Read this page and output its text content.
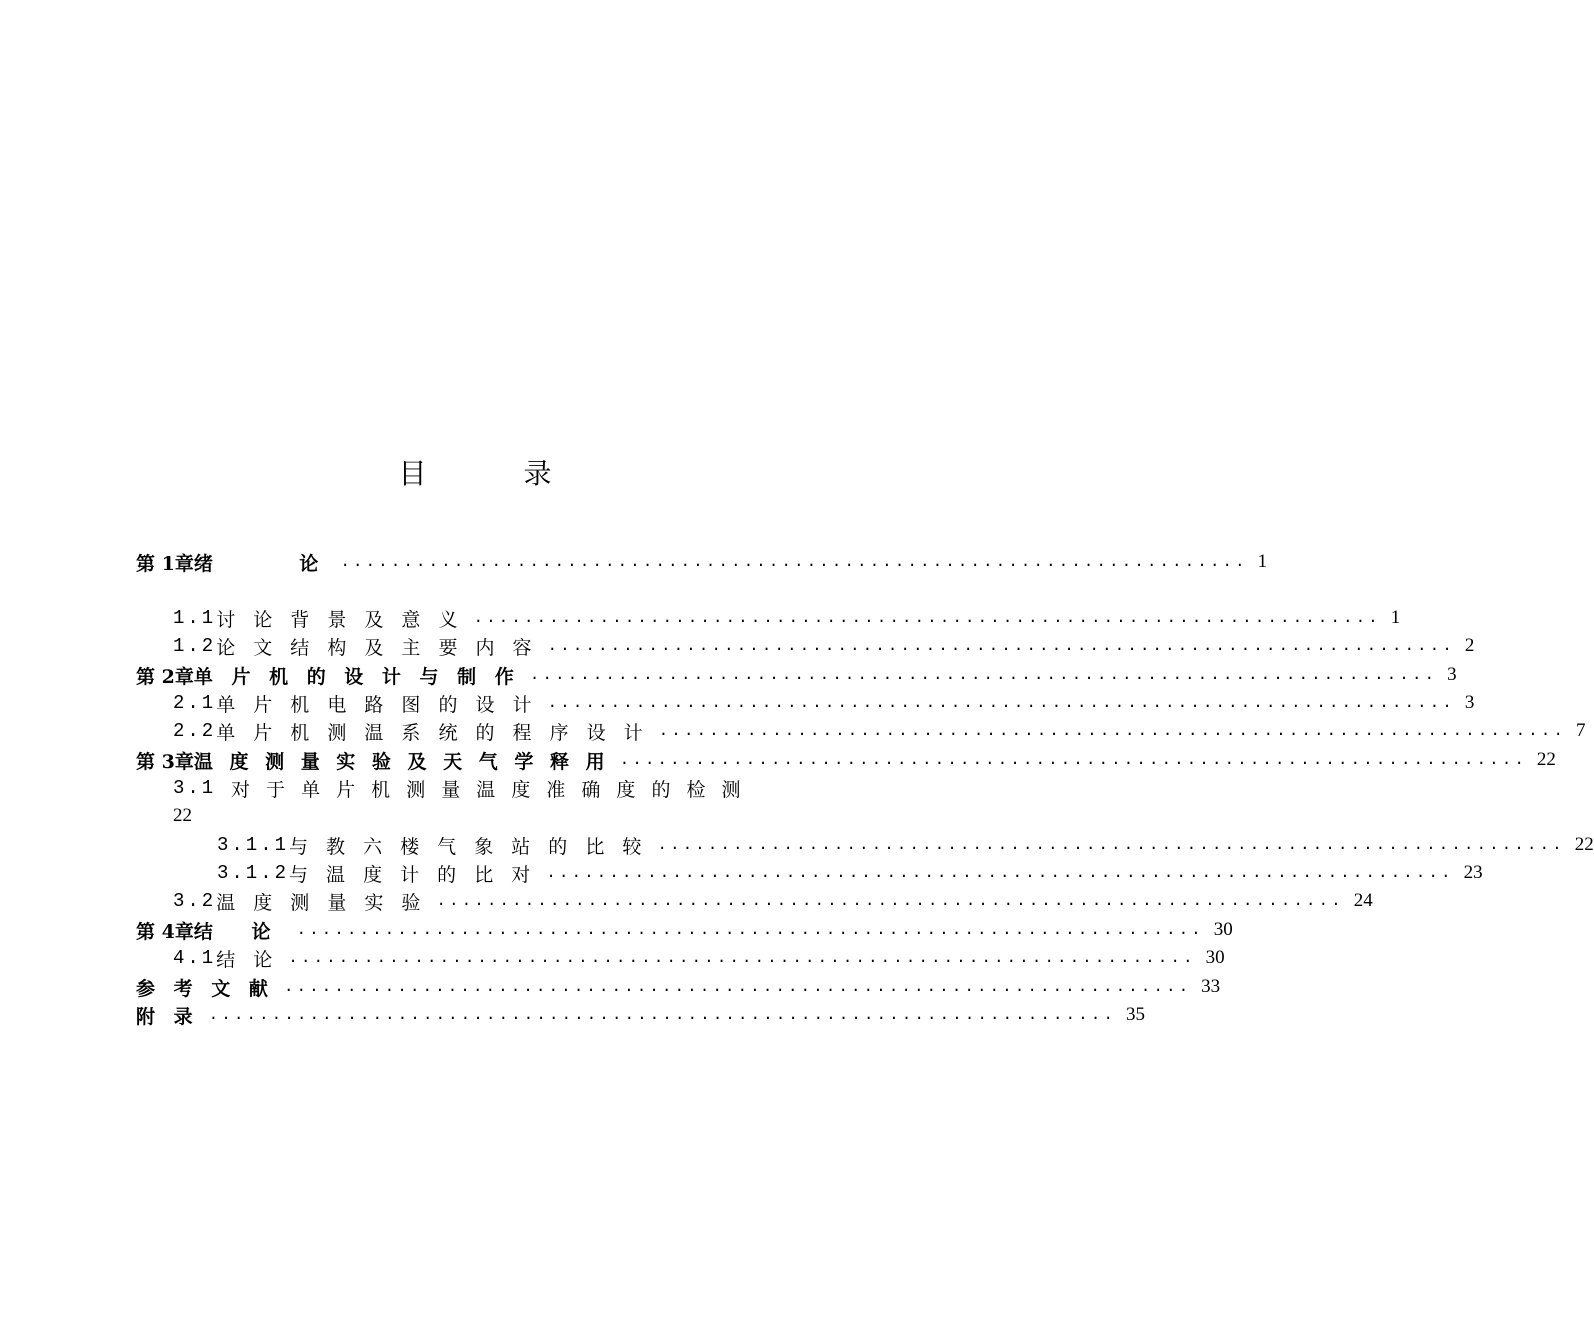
目 录
第 1章 绪    论 ........................................................................ 1
1.1 讨 论 背 景 及 意 义 ........................................................................ 1
1.2 论 文 结 构 及 主 要 内 容 ........................................................................ 2
第 2章 单 片 机 的 设 计 与 制 作 ........................................................................ 3
2.1 单 片 机 电 路 图 的 设 计 ........................................................................ 3
2.2 单 片 机 测 温 系 统 的 程 序 设 计 ........................................................................ 7
第 3章 温 度 测 量 实 验 及 天 气 学 释 用 ........................................................................ 22
3.1 对 于 单 片 机 测 量 温 度 准 确 度 的 检 测
22
3.1.1 与 教 六 楼 气 象 站 的 比 较 ........................................................................ 22
3.1.2 与 温 度 计 的 比 对 ........................................................................ 23
3.2 温 度 测 量 实 验 ........................................................................ 24
第 4章 结 论 ........................................................................ 30
4.1 结 论 ........................................................................ 30
参 考 文 献 ........................................................................ 33
附 录 ........................................................................ 35
